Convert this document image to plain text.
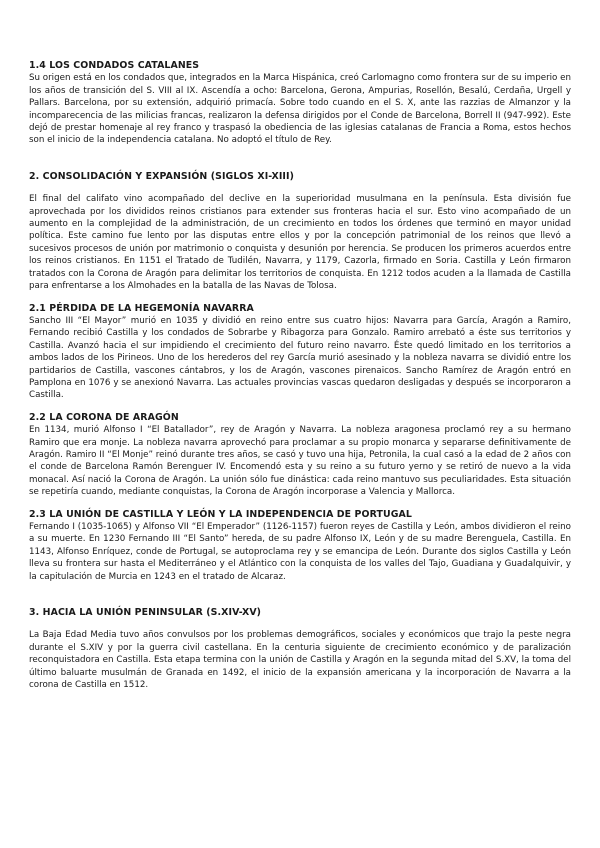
1.4 LOS CONDADOS CATALANES

Su origen está en los condados que, integrados en la Marca Hispánica, creó Carlomagno como frontera sur de su imperio en los años de transición del S. VIII al IX. Ascendía a ocho: Barcelona, Gerona, Ampurias, Rosellón, Besalú, Cerdaña, Urgell y Pallars. Barcelona, por su extensión, adquirió primacía. Sobre todo cuando en el S. X, ante las razzias de Almanzor y la incomparecencia de las milicias francas, realizaron la defensa dirigidos por el Conde de Barcelona, Borrell II (947-992). Este dejó de prestar homenaje al rey franco y traspasó la obediencia de las iglesias catalanas de Francia a Roma, estos hechos son el inicio de la independencia catalana. No adoptó el título de Rey.

2. CONSOLIDACIÓN Y EXPANSIÓN (SIGLOS XI-XIII)

El final del califato vino acompañado del declive en la superioridad musulmana en la península. Esta división fue aprovechada por los divididos reinos cristianos para extender sus fronteras hacia el sur. Esto vino acompañado de un aumento en la complejidad de la administración, de un crecimiento en todos los órdenes que terminó en mayor unidad política. Este camino fue lento por las disputas entre ellos y por la concepción patrimonial de los reinos que llevó a sucesivos procesos de unión por matrimonio o conquista y desunión por herencia. Se producen los primeros acuerdos entre los reinos cristianos. En 1151 el Tratado de Tudilén, Navarra, y 1179, Cazorla, firmado en Soria. Castilla y León firmaron tratados con la Corona de Aragón para delimitar los territorios de conquista. En 1212 todos acuden a la llamada de Castilla para enfrentarse a los Almohades en la batalla de las Navas de Tolosa.

2.1 PÉRDIDA DE LA HEGEMONÍA NAVARRA

Sancho III “El Mayor” murió en 1035 y dividió en reino entre sus cuatro hijos: Navarra para García, Aragón a Ramiro, Fernando recibió Castilla y los condados de Sobrarbe y Ribagorza para Gonzalo. Ramiro arrebató a éste sus territorios y Castilla. Avanzó hacia el sur impidiendo el crecimiento del futuro reino navarro. Éste quedó limitado en los territorios a ambos lados de los Pirineos. Uno de los herederos del rey García murió asesinado y la nobleza navarra se dividió entre los partidarios de Castilla, vascones cántabros, y los de Aragón, vascones pirenaicos. Sancho Ramírez de Aragón entró en Pamplona en 1076 y se anexionó Navarra. Las actuales provincias vascas quedaron desligadas y después se incorporaron a Castilla.

2.2 LA CORONA DE ARAGÓN

En 1134, murió Alfonso I “El Batallador”, rey de Aragón y Navarra. La nobleza aragonesa proclamó rey a su hermano Ramiro que era monje. La nobleza navarra aprovechó para proclamar a su propio monarca y separarse definitivamente de Aragón. Ramiro II “El Monje” reinó durante tres años, se casó y tuvo una hija, Petronila, la cual casó a la edad de 2 años con el conde de Barcelona Ramón Berenguer IV. Encomendó esta y su reino a su futuro yerno y se retiró de nuevo a la vida monacal. Así nació la Corona de Aragón. La unión sólo fue dinástica: cada reino mantuvo sus peculiaridades. Esta situación se repetiría cuando, mediante conquistas, la Corona de Aragón incorporase a Valencia y Mallorca.

2.3 LA UNIÓN DE CASTILLA Y LEÓN Y LA INDEPENDENCIA DE PORTUGAL

Fernando I (1035-1065) y Alfonso VII “El Emperador” (1126-1157) fueron reyes de Castilla y León, ambos dividieron el reino a su muerte. En 1230 Fernando III “El Santo” hereda, de su padre Alfonso IX, León y de su madre Berenguela, Castilla. En 1143, Alfonso Enríquez, conde de Portugal, se autoproclama rey y se emancipa de León. Durante dos siglos Castilla y León lleva su frontera sur hasta el Mediterráneo y el Atlántico con la conquista de los valles del Tajo, Guadiana y Guadalquivir, y la capitulación de Murcia en 1243 en el tratado de Alcaraz.

3. HACIA LA UNIÓN PENINSULAR (S.XIV-XV)

La Baja Edad Media tuvo años convulsos por los problemas demográficos, sociales y económicos que trajo la peste negra durante el S.XIV y por la guerra civil castellana. En la centuria siguiente de crecimiento económico y de paralización reconquistadora en Castilla. Esta etapa termina con la unión de Castilla y Aragón en la segunda mitad del S.XV, la toma del último baluarte musulmán de Granada en 1492, el inicio de la expansión americana y la incorporación de Navarra a la corona de Castilla en 1512.
